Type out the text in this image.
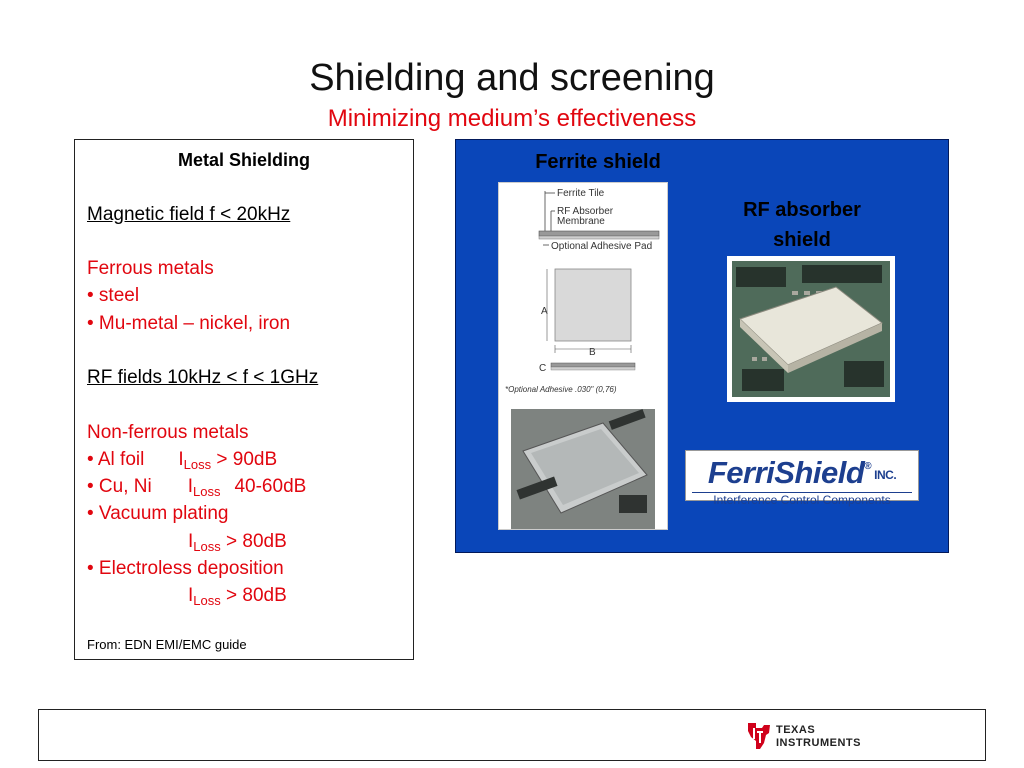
Shielding and screening
Minimizing medium’s effectiveness
Metal Shielding
Magnetic field f < 20kHz
Ferrous metals
• steel
• Mu-metal – nickel, iron
RF fields 10kHz < f < 1GHz
Non-ferrous metals
• Al foil $I_{Loss} > 90dB$
• Cu, Ni $I_{Loss}$ 40-60dB
• Vacuum plating
$I_{Loss} > 80dB$
• Electroless deposition
$I_{Loss} > 80dB$
From: EDN EMI/EMC guide
Ferrite shield
RF absorber
shield
Ferrite Tile
RF Absorber
Membrane
Optional Adhesive Pad
A
B
C
*Optional Adhesive .030" (0,76)
FerriShield$^{®INC.}$
Interference Control Components
TEXAS
INSTRUMENTS
